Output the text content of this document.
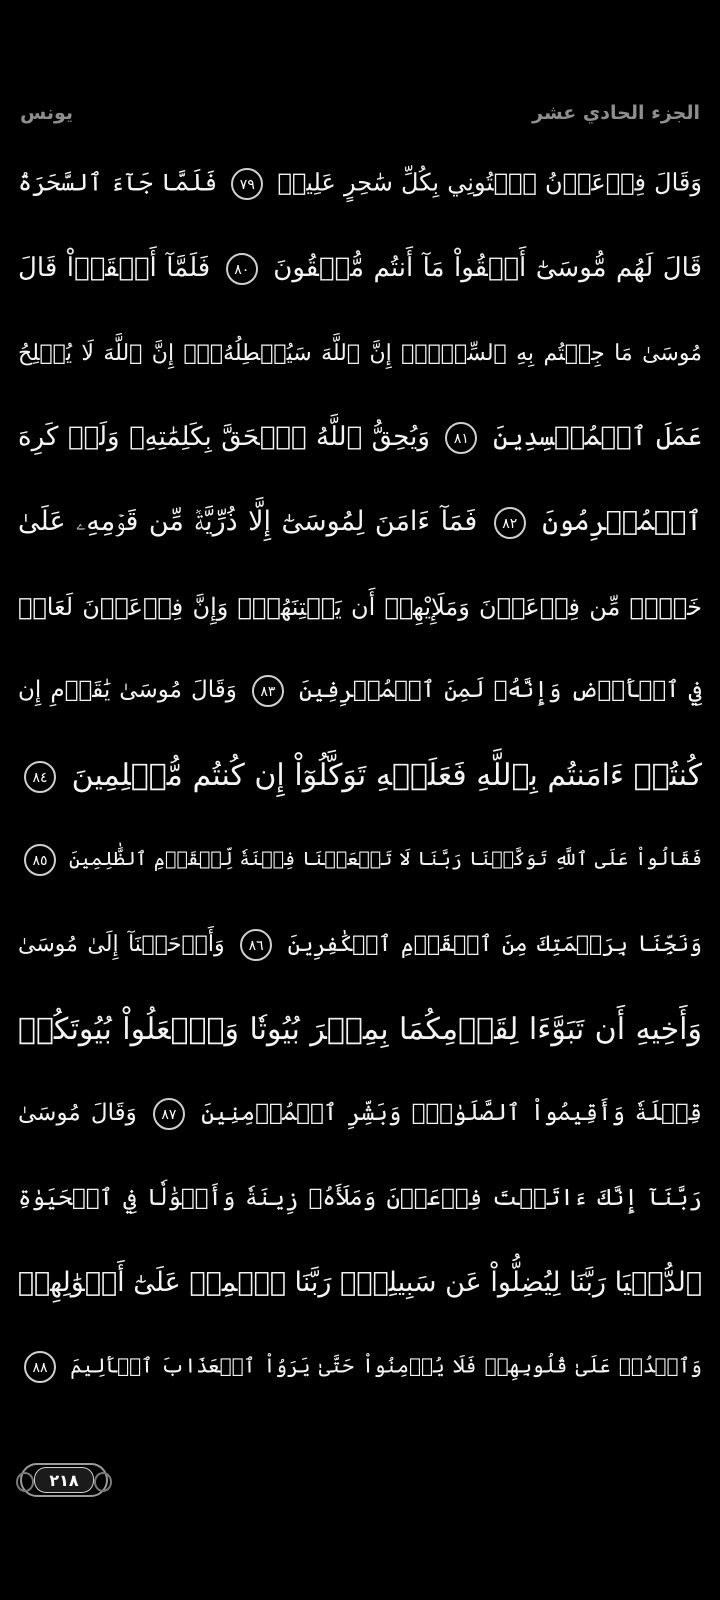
يونس	الجزء الحادي عشر
وَقَالَ فِرۡعَوۡنُ ٱئۡتُونِي بِكُلِّ سَٰحِرٍ عَلِيمٖ ٧٩ فَلَمَّا جَآءَ ٱلسَّحَرَةُ
قَالَ لَهُم مُّوسَىٰٓ أَلۡقُواْ مَآ أَنتُم مُّلۡقُونَ ٨٠ فَلَمَّآ أَلۡقَوۡاْ قَالَ
مُوسَىٰ مَا جِئۡتُم بِهِ ٱلسِّحۡرُۖ إِنَّ ٱللَّهَ سَيُبۡطِلُهُۥٓۖ إِنَّ ٱللَّهَ لَا يُصۡلِحُ
عَمَلَ ٱلۡمُفۡسِدِينَ ٨١ وَيُحِقُّ ٱللَّهُ ٱلۡحَقَّ بِكَلِمَٰتِهِۦ وَلَوۡ كَرِهَ
ٱلۡمُجۡرِمُونَ ٨٢ فَمَآ ءَامَنَ لِمُوسَىٰٓ إِلَّا ذُرِّيَّةٞ مِّن قَوۡمِهِۦ عَلَىٰ
خَوۡفٖ مِّن فِرۡعَوۡنَ وَمَلَإِيْهِمۡ أَن يَفۡتِنَهُمۡۚ وَإِنَّ فِرۡعَوۡنَ لَعَالٖ
فِي ٱلۡأَرۡضِ وَإِنَّهُۥ لَمِنَ ٱلۡمُسۡرِفِينَ ٨٣ وَقَالَ مُوسَىٰ يَٰقَوۡمِ إِن
كُنتُمۡ ءَامَنتُم بِٱللَّهِ فَعَلَيۡهِ تَوَكَّلُوٓاْ إِن كُنتُم مُّسۡلِمِينَ ٨٤
فَقَالُواْ عَلَى ٱللَّهِ تَوَكَّلۡنَا رَبَّنَا لَا تَجۡعَلۡنَا فِتۡنَةٗ لِّلۡقَوۡمِ ٱلظَّٰلِمِينَ ٨٥
وَنَجِّنَا بِرَحۡمَتِكَ مِنَ ٱلۡقَوۡمِ ٱلۡكَٰفِرِينَ ٨٦ وَأَوۡحَيۡنَآ إِلَىٰ مُوسَىٰ
وَأَخِيهِ أَن تَبَوَّءَا لِقَوۡمِكُمَا بِمِصۡرَ بُيُوتٗا وَٱجۡعَلُواْ بُيُوتَكُمۡ
قِبۡلَةٗ وَأَقِيمُواْ ٱلصَّلَوٰةَۗ وَبَشِّرِ ٱلۡمُؤۡمِنِينَ ٨٧ وَقَالَ مُوسَىٰ
رَبَّنَآ إِنَّكَ ءَاتَيۡتَ فِرۡعَوۡنَ وَمَلَأَهُۥ زِينَةٗ وَأَمۡوَٰلٗا فِي ٱلۡحَيَوٰةِ
ٱلدُّنۡيَا رَبَّنَا لِيُضِلُّواْ عَن سَبِيلِكَۖ رَبَّنَا ٱطۡمِسۡ عَلَىٰٓ أَمۡوَٰلِهِمۡ
وَٱشۡدُدۡ عَلَىٰ قُلُوبِهِمۡ فَلَا يُؤۡمِنُواْ حَتَّىٰ يَرَوُاْ ٱلۡعَذَابَ ٱلۡأَلِيمَ ٨٨
٢١٨
